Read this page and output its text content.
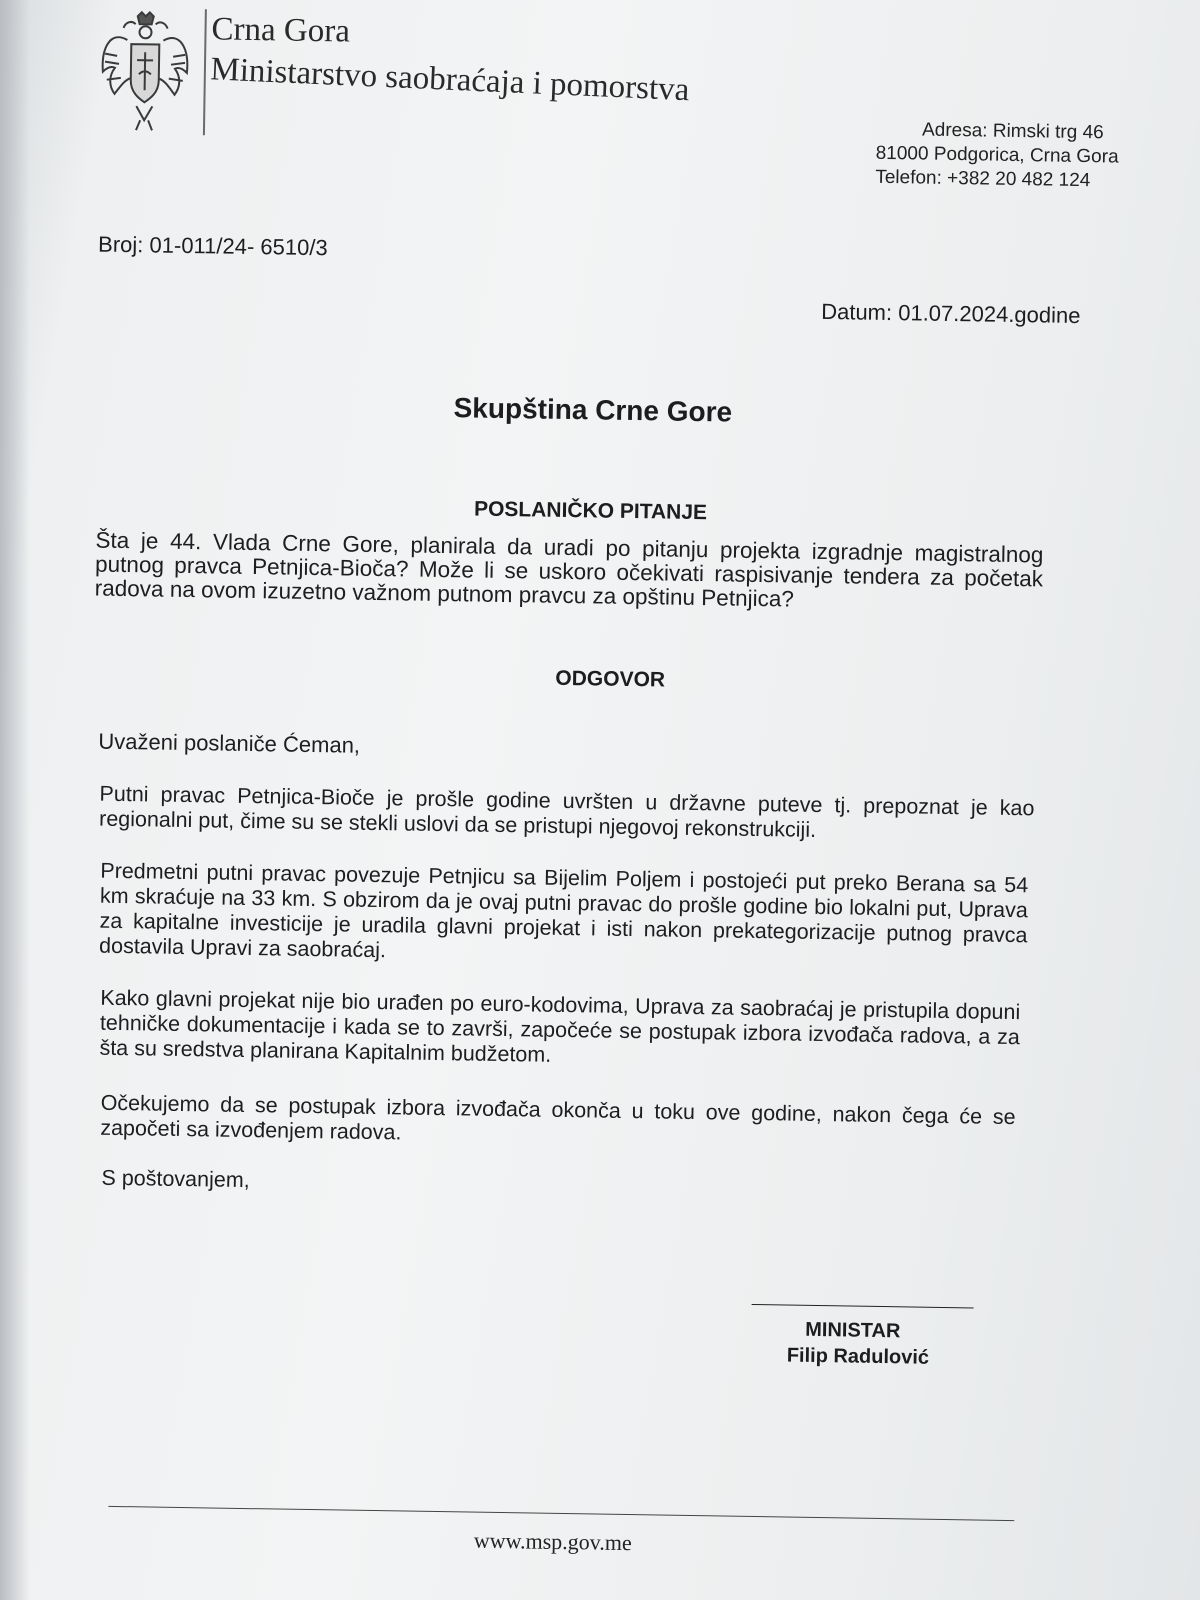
Crna Gora
Ministarstvo saobraćaja i pomorstva
Adresa: Rimski trg 46
81000 Podgorica, Crna Gora
Telefon: +382 20 482 124
Broj: 01-011/24- 6510/3
Datum: 01.07.2024.godine
Skupština Crne Gore
POSLANIČKO PITANJE
Šta je 44. Vlada Crne Gore, planirala da uradi po pitanju projekta izgradnje magistralnog putnog pravca Petnjica-Bioča? Može li se uskoro očekivati raspisivanje tendera za početak radova na ovom izuzetno važnom putnom pravcu za opštinu Petnjica?
ODGOVOR
Uvaženi poslaniče Ćeman,
Putni pravac Petnjica-Bioče je prošle godine uvršten u državne puteve tj. prepoznat je kao regionalni put, čime su se stekli uslovi da se pristupi njegovoj rekonstrukciji.
Predmetni putni pravac povezuje Petnjicu sa Bijelim Poljem i postojeći put preko Berana sa 54 km skraćuje na 33 km. S obzirom da je ovaj putni pravac do prošle godine bio lokalni put, Uprava za kapitalne investicije je uradila glavni projekat i isti nakon prekategorizacije putnog pravca dostavila Upravi za saobraćaj.
Kako glavni projekat nije bio urađen po euro-kodovima, Uprava za saobraćaj je pristupila dopuni tehničke dokumentacije i kada se to završi, započeće se postupak izbora izvođača radova, a za šta su sredstva planirana Kapitalnim budžetom.
Očekujemo da se postupak izbora izvođača okonča u toku ove godine, nakon čega će se započeti sa izvođenjem radova.
S poštovanjem,
MINISTAR
Filip Radulović
www.msp.gov.me
